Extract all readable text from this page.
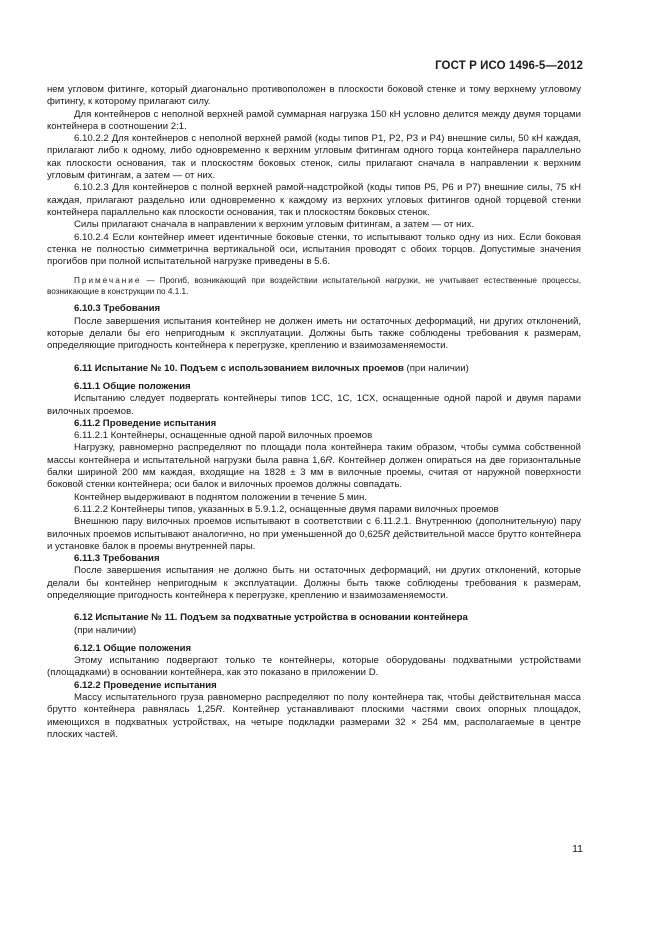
ГОСТ Р ИСО 1496-5—2012

нем угловом фитинге, который диагонально противоположен в плоскости боковой стенке и тому верхнему угловому фитингу, к которому прилагают силу.

Для контейнеров с неполной верхней рамой суммарная нагрузка 150 кН условно делится между двумя торцами контейнера в соотношении 2:1.

6.10.2.2 Для контейнеров с неполной верхней рамой (коды типов P1, P2, P3 и P4) внешние силы, 50 кН каждая, прилагают либо к одному, либо одновременно к верхним угловым фитингам одного торца контейнера параллельно как плоскости основания, так и плоскостям боковых стенок, силы прилагают сначала в направлении к верхним угловым фитингам, а затем — от них.

6.10.2.3 Для контейнеров с полной верхней рамой-надстройкой (коды типов P5, P6 и P7) внешние силы, 75 кН каждая, прилагают раздельно или одновременно к каждому из верхних угловых фитингов одной торцевой стенки контейнера параллельно как плоскости основания, так и плоскостям боковых стенок.

Силы прилагают сначала в направлении к верхним угловым фитингам, а затем — от них.

6.10.2.4 Если контейнер имеет идентичные боковые стенки, то испытывают только одну из них. Если боковая стенка не полностью симметрична вертикальной оси, испытания проводят с обоих торцов. Допустимые значения прогибов при полной испытательной нагрузке приведены в 5.6.

Примечание — Прогиб, возникающий при воздействии испытательной нагрузки, не учитывает естественные процессы, возникающие в конструкции по 4.1.1.

6.10.3 Требования

После завершения испытания контейнер не должен иметь ни остаточных деформаций, ни других отклонений, которые делали бы его непригодным к эксплуатации. Должны быть также соблюдены требования к размерам, определяющие пригодность контейнера к перегрузке, креплению и взаимозаменяемости.

6.11 Испытание № 10. Подъем с использованием вилочных проемов (при наличии)

6.11.1 Общие положения

Испытанию следует подвергать контейнеры типов 1CC, 1C, 1CX, оснащенные одной парой и двумя парами вилочных проемов.

6.11.2 Проведение испытания

6.11.2.1 Контейнеры, оснащенные одной парой вилочных проемов

Нагрузку, равномерно распределяют по площади пола контейнера таким образом, чтобы сумма собственной массы контейнера и испытательной нагрузки была равна 1,6R. Контейнер должен опираться на две горизонтальные балки шириной 200 мм каждая, входящие на 1828 ± 3 мм в вилочные проемы, считая от наружной поверхности боковой стенки контейнера; оси балок и вилочных проемов должны совпадать.

Контейнер выдерживают в поднятом положении в течение 5 мин.

6.11.2.2 Контейнеры типов, указанных в 5.9.1.2, оснащенные двумя парами вилочных проемов

Внешнюю пару вилочных проемов испытывают в соответствии с 6.11.2.1. Внутреннюю (дополнительную) пару вилочных проемов испытывают аналогично, но при уменьшенной до 0,625R действительной массе брутто контейнера и установке балок в проемы внутренней пары.

6.11.3 Требования

После завершения испытания не должно быть ни остаточных деформаций, ни других отклонений, которые делали бы контейнер непригодным к эксплуатации. Должны быть также соблюдены требования к размерам, определяющие пригодность контейнера к перегрузке, креплению и взаимозаменяемости.

6.12 Испытание № 11. Подъем за подхватные устройства в основании контейнера

(при наличии)

6.12.1 Общие положения

Этому испытанию подвергают только те контейнеры, которые оборудованы подхватными устройствами (площадками) в основании контейнера, как это показано в приложении D.

6.12.2 Проведение испытания

Массу испытательного груза равномерно распределяют по полу контейнера так, чтобы действительная масса брутто контейнера равнялась 1,25R. Контейнер устанавливают плоскими частями своих опорных площадок, имеющихся в подхватных устройствах, на четыре подкладки размерами 32 × 254 мм, располагаемые в центре плоских частей.

11
